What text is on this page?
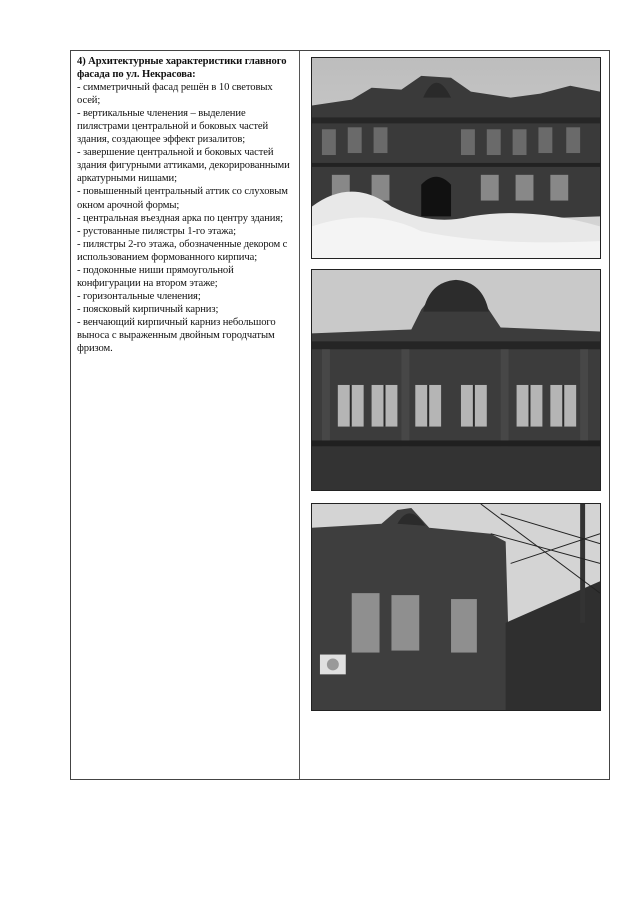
4) Архитектурные характеристики главного фасада по ул. Некрасова:

- симметричный фасад решён в 10 световых осей;

- вертикальные членения – выделение пилястрами центральной и боковых частей здания, создающее эффект ризалитов;

- завершение центральной и боковых частей здания фигурными аттиками, декорированными аркатурными нишами;

- повышенный центральный аттик со слуховым окном арочной формы;

- центральная въездная арка по центру здания;

- рустованные пилястры 1-го этажа;

- пилястры 2-го этажа, обозначенные декором с использованием формованного кирпича;

- подоконные ниши прямоугольной конфигурации на втором этаже;

- горизонтальные членения;

- поясковый кирпичный карниз;

- венчающий кирпичный карниз небольшого выноса с выраженным двойным городчатым фризом.
